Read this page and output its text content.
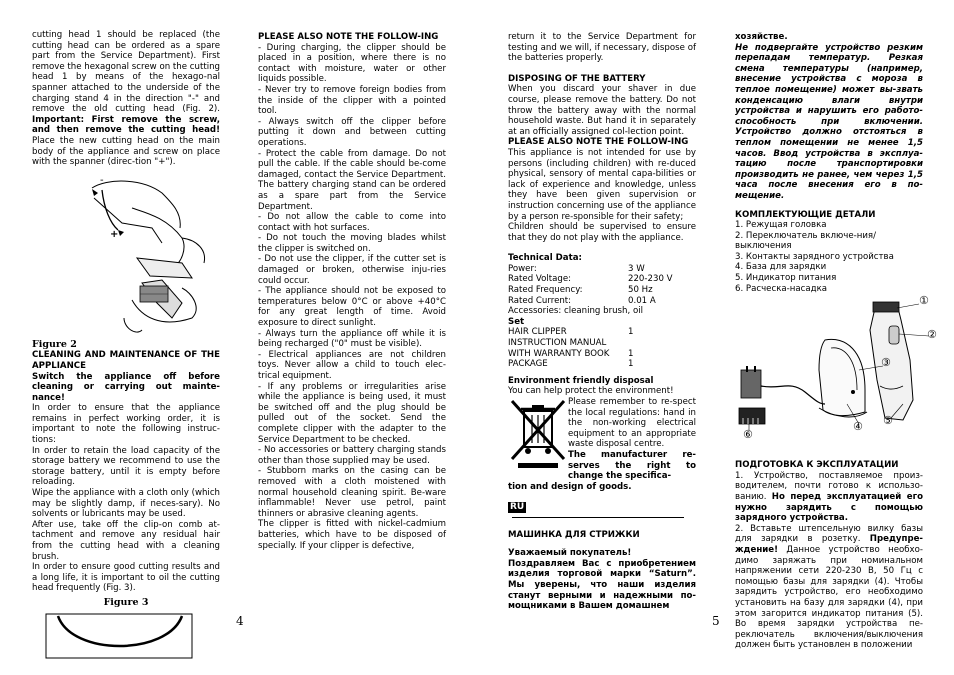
cutting head 1 should be replaced (the cutting head can be ordered as a spare part from the Service Department). First remove the hexagonal screw on the cutting head 1 by means of the hexago-nal spanner attached to the underside of the charging stand 4 in the direction "-" and remove the old cutting head (Fig. 2). Important: First remove the screw, and then remove the cutting head! Place the new cutting head on the main body of the appliance and screw on place with the spanner (direc-tion "+").

-
+

Figure 2

CLEANING AND MAINTENANCE OF THE APPLIANCE

Switch the appliance off before cleaning or carrying out mainte-nance!

In order to ensure that the appliance remains in perfect working order, it is important to note the following instruc-tions:

In order to retain the load capacity of the storage battery we recommend to use the storage battery, until it is empty before reloading.

Wipe the appliance with a cloth only (which may be slightly damp, if neces-sary). No solvents or lubricants may be used.

After use, take off the clip-on comb at-tachment and remove any residual hair from the cutting head with a cleaning brush.

In order to ensure good cutting results and a long life, it is important to oil the cutting head frequently (Fig. 3).

Figure 3

PLEASE ALSO NOTE THE FOLLOW-ING

- During charging, the clipper should be placed in a position, where there is no contact with moisture, water or other liquids possible.

- Never try to remove foreign bodies from the inside of the clipper with a pointed tool.

- Always switch off the clipper before putting it down and between cutting operations.

- Protect the cable from damage. Do not pull the cable. If the cable should be-come damaged, contact the Service Department. The battery charging stand can be ordered as a spare part from the Service Department.

- Do not allow the cable to come into contact with hot surfaces.

- Do not touch the moving blades whilst the clipper is switched on.

- Do not use the clipper, if the cutter set is damaged or broken, otherwise inju-ries could occur.

- The appliance should not be exposed to temperatures below 0°C or above +40°C for any great length of time. Avoid exposure to direct sunlight.

- Always turn the appliance off while it is being recharged ("0" must be visible).

- Electrical appliances are not children toys. Never allow a child to touch elec-trical equipment.

- If any problems or irregularities arise while the appliance is being used, it must be switched off and the plug should be pulled out of the socket. Send the complete clipper with the adapter to the Service Department to be checked.

- No accessories or battery charging stands other than those supplied may be used.

- Stubborn marks on the casing can be removed with a cloth moistened with normal household cleaning spirit. Be-ware inflammable! Never use petrol, paint thinners or abrasive cleaning agents.

The clipper is fitted with nickel-cadmium batteries, which have to be disposed of specially. If your clipper is defective,

4

return it to the Service Department for testing and we will, if necessary, dispose of the batteries properly.

DISPOSING OF THE BATTERY

When you discard your shaver in due course, please remove the battery. Do not throw the battery away with the normal household waste. But hand it in separately at an officially assigned col-lection point.

PLEASE ALSO NOTE THE FOLLOW-ING

This appliance is not intended for use by persons (including children) with re-duced physical, sensory of mental capa-bilities or lack of experience and knowledge, unless they have been given supervision or instruction concerning use of the appliance by a person re-sponsible for their safety;

Children should be supervised to ensure that they do not play with the appliance.

Technical Data:

Power:	3 W
Rated Voltage:	220-230 V
Rated Frequency:	50 Hz
Rated Current:	0.01 A

Accessories: cleaning brush, oil

Set

HAIR CLIPPER	1
INSTRUCTION MANUAL
WITH WARRANTY BOOK	1
PACKAGE	1

Environment friendly disposal

You can help protect the environment!

Please remember to re-spect the local regulations: hand in the non-working electrical equipment to an appropriate waste disposal centre.

The manufacturer re-serves the right to change the specifica-

tion and design of goods.

RU

МАШИНКА ДЛЯ СТРИЖКИ

Уважаемый покупатель!

Поздравляем Вас с приобретением изделия торговой марки “Saturn”. Мы уверены, что наши изделия станут верными и надежными по-мощниками в Вашем домашнем

5

хозяйстве.

Не подвергайте устройство резким перепадам температур. Резкая смена температуры (например, внесение устройства с мороза в теплое помещение) может вы-звать конденсацию влаги внутри устройства и нарушить его работо-способность при включении. Устройство должно отстояться в теплом помещении не менее 1,5 часов. Ввод устройства в эксплуа-тацию после транспортировки производить не ранее, чем через 1,5 часа после внесения его в по-мещение.

КОМПЛЕКТУЮЩИЕ ДЕТАЛИ

1. Режущая головка

2. Переключатель включе-ния/выключения

3. Контакты зарядного устройства

4. База для зарядки

5. Индикатор питания

6. Расческа-насадка

①
②
③
④ ⑤
⑥

ПОДГОТОВКА К ЭКСПЛУАТАЦИИ

1. Устройство, поставляемое произ-водителем, почти готово к использо-ванию. Но перед эксплуатацией его нужно зарядить с помощью зарядного устройства.

2. Вставьте штепсельную вилку базы для зарядки в розетку. Предупре-ждение! Данное устройство необхо-димо заряжать при номинальном напряжении сети 220-230 В, 50 Гц с помощью базы для зарядки (4). Чтобы зарядить устройство, его необходимо установить на базу для зарядки (4), при этом загорится индикатор питания (5). Во время зарядки устройства пе-реключатель включения/выключения должен быть установлен в положении
